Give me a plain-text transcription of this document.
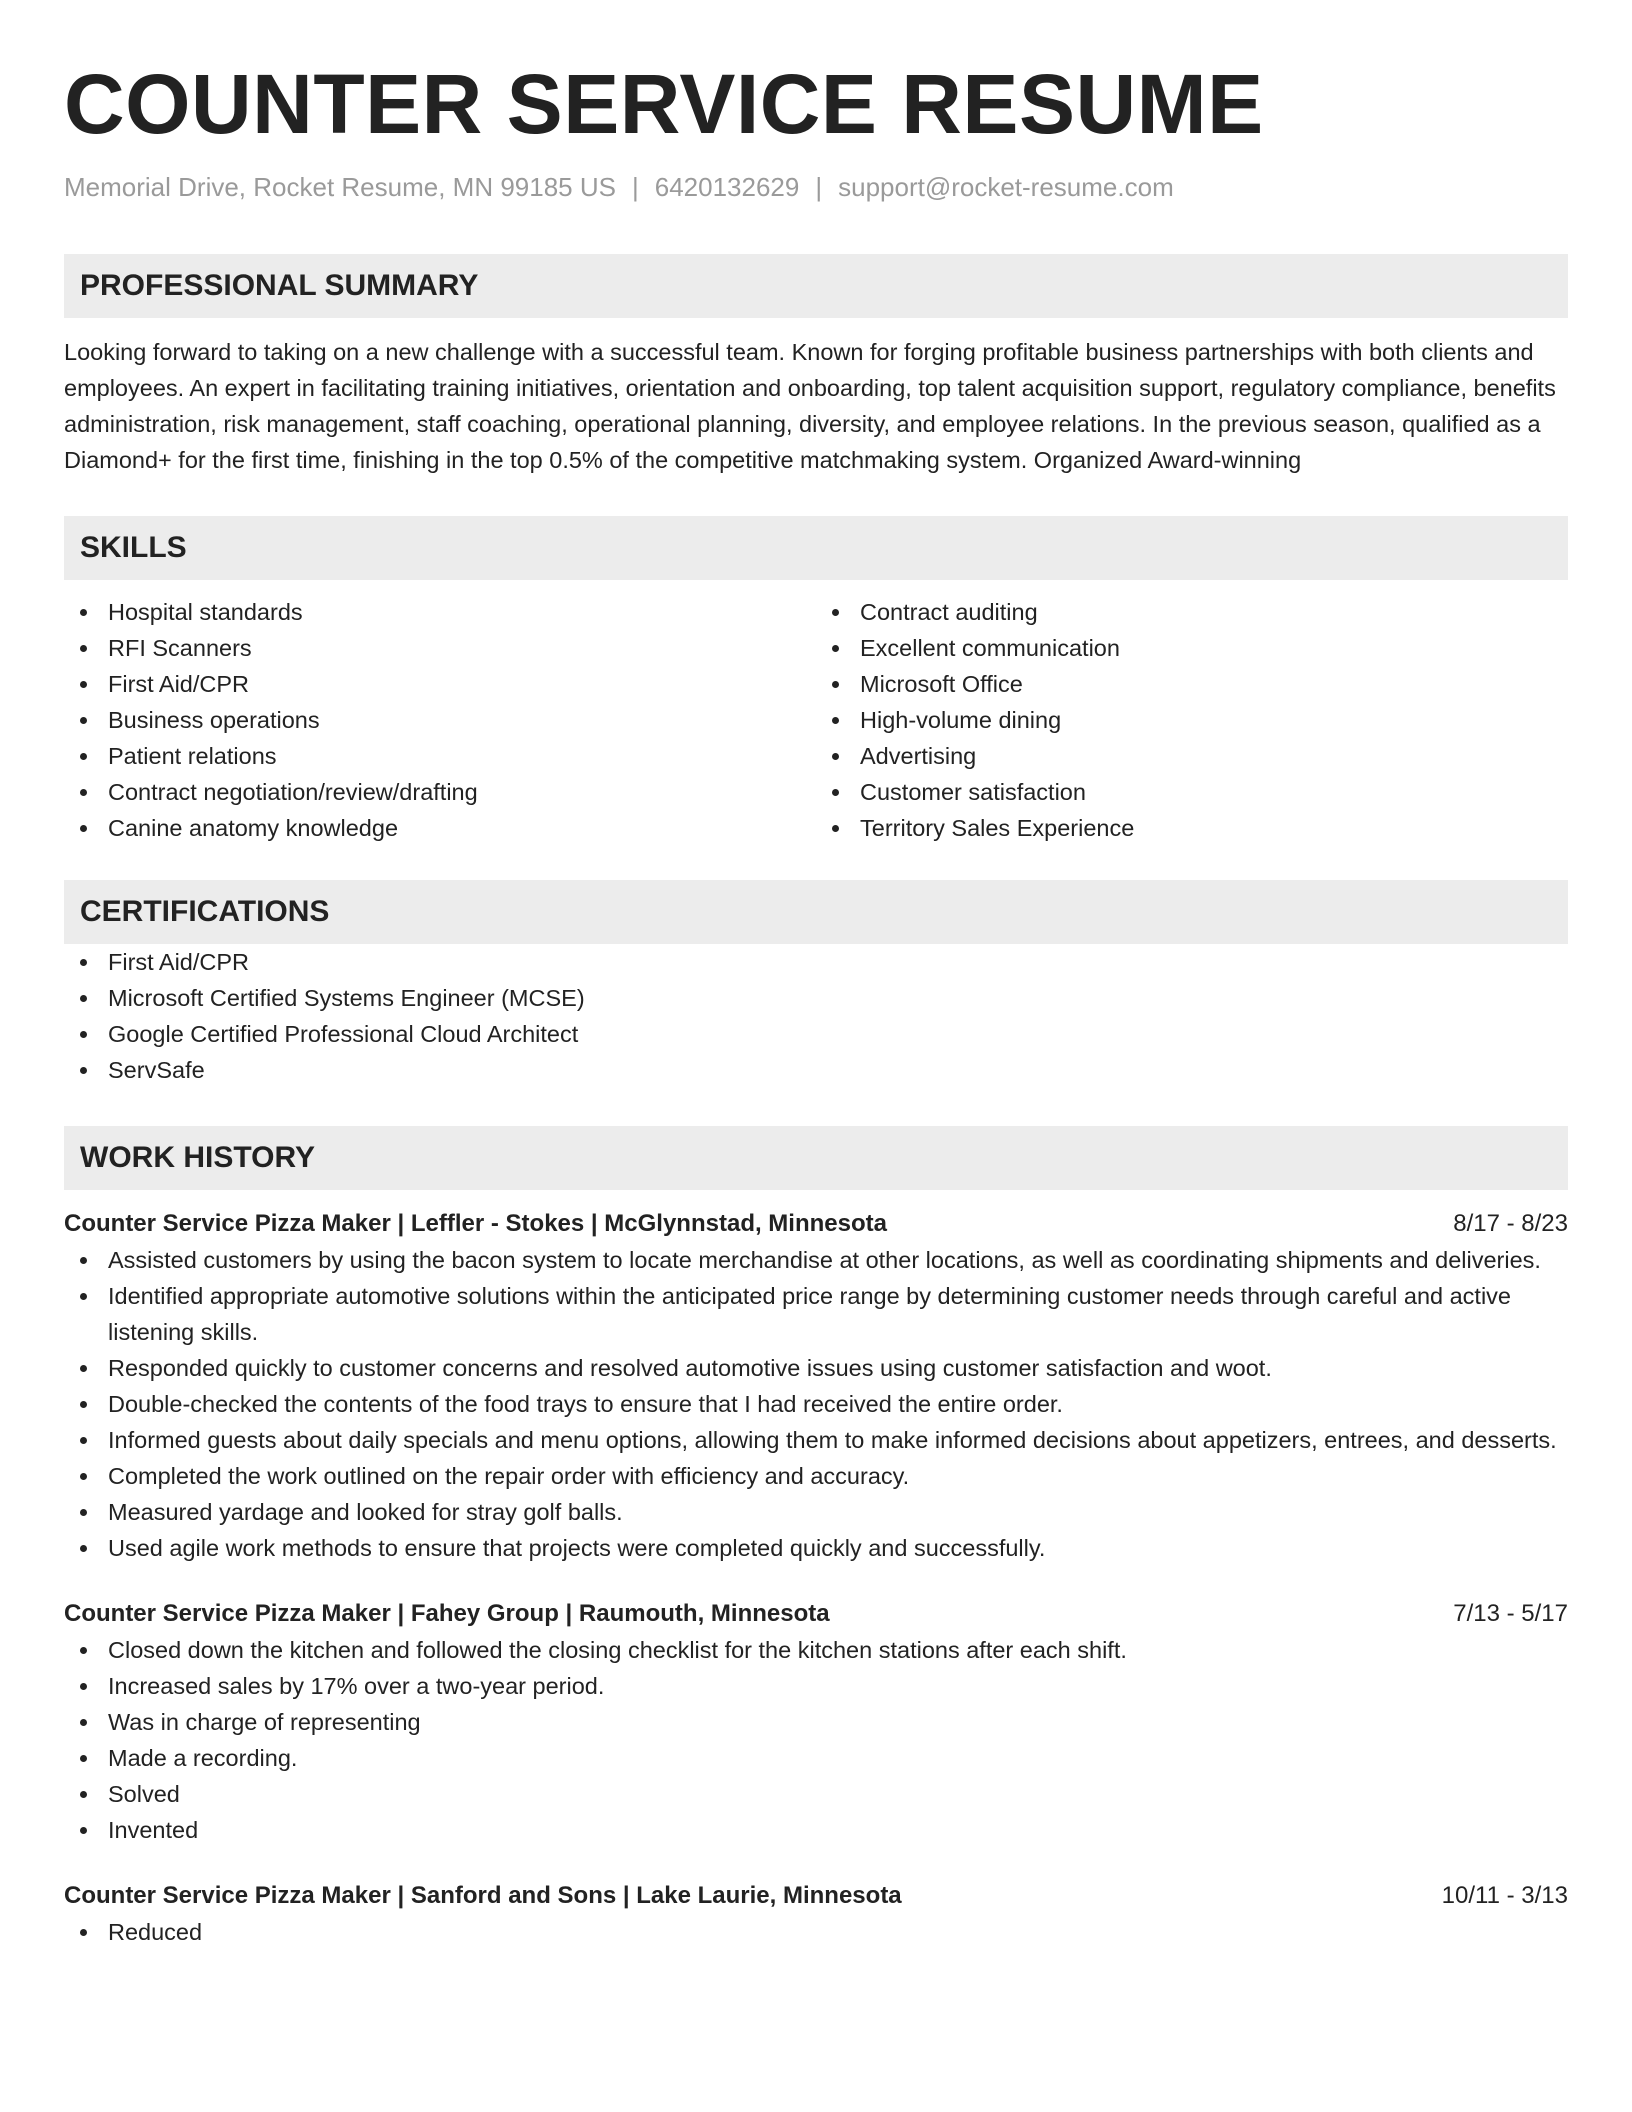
COUNTER SERVICE RESUME
Memorial Drive, Rocket Resume, MN 99185 US | 6420132629 | support@rocket-resume.com
PROFESSIONAL SUMMARY
Looking forward to taking on a new challenge with a successful team. Known for forging profitable business partnerships with both clients and employees. An expert in facilitating training initiatives, orientation and onboarding, top talent acquisition support, regulatory compliance, benefits administration, risk management, staff coaching, operational planning, diversity, and employee relations. In the previous season, qualified as a Diamond+ for the first time, finishing in the top 0.5% of the competitive matchmaking system. Organized Award-winning
SKILLS
Hospital standards
RFI Scanners
First Aid/CPR
Business operations
Patient relations
Contract negotiation/review/drafting
Canine anatomy knowledge
Contract auditing
Excellent communication
Microsoft Office
High-volume dining
Advertising
Customer satisfaction
Territory Sales Experience
CERTIFICATIONS
First Aid/CPR
Microsoft Certified Systems Engineer (MCSE)
Google Certified Professional Cloud Architect
ServSafe
WORK HISTORY
Counter Service Pizza Maker | Leffler - Stokes | McGlynnstad, Minnesota	8/17 - 8/23
Assisted customers by using the bacon system to locate merchandise at other locations, as well as coordinating shipments and deliveries.
Identified appropriate automotive solutions within the anticipated price range by determining customer needs through careful and active listening skills.
Responded quickly to customer concerns and resolved automotive issues using customer satisfaction and woot.
Double-checked the contents of the food trays to ensure that I had received the entire order.
Informed guests about daily specials and menu options, allowing them to make informed decisions about appetizers, entrees, and desserts.
Completed the work outlined on the repair order with efficiency and accuracy.
Measured yardage and looked for stray golf balls.
Used agile work methods to ensure that projects were completed quickly and successfully.
Counter Service Pizza Maker | Fahey Group | Raumouth, Minnesota	7/13 - 5/17
Closed down the kitchen and followed the closing checklist for the kitchen stations after each shift.
Increased sales by 17% over a two-year period.
Was in charge of representing
Made a recording.
Solved
Invented
Counter Service Pizza Maker | Sanford and Sons | Lake Laurie, Minnesota	10/11 - 3/13
Reduced
